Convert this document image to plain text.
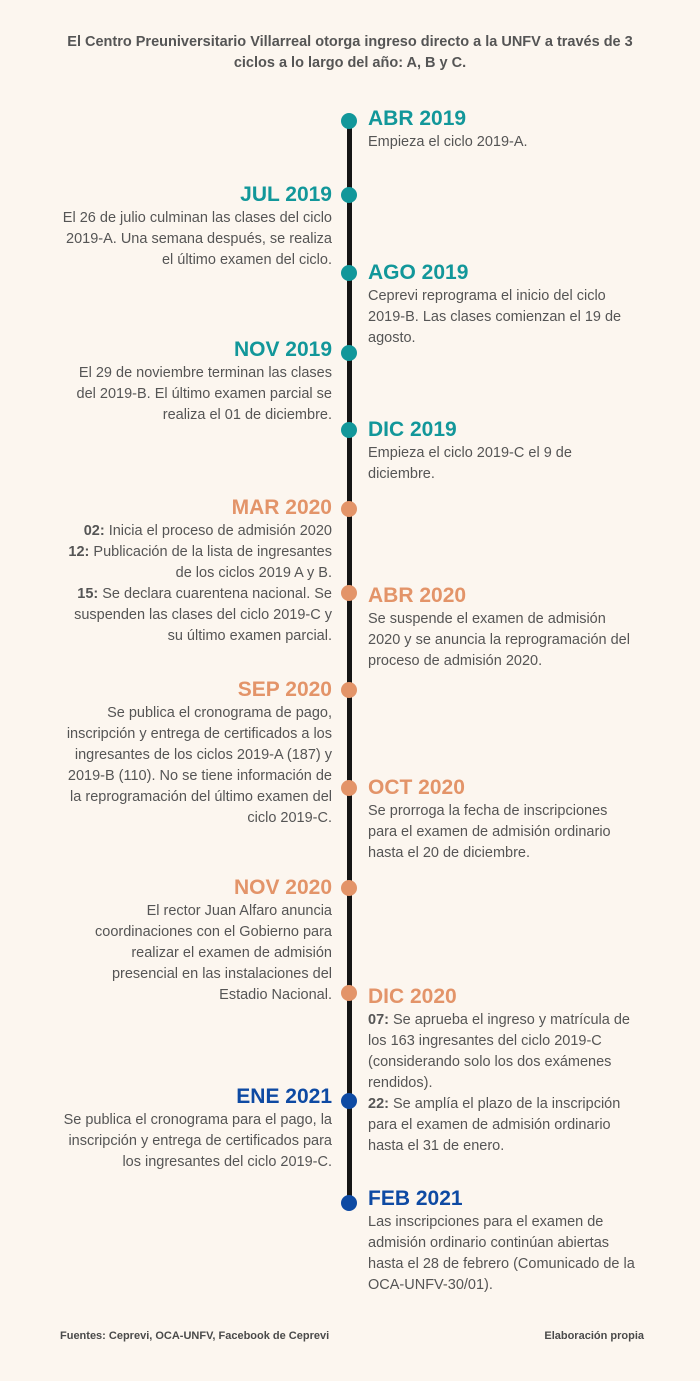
El Centro Preuniversitario Villarreal otorga ingreso directo a la UNFV a través de 3 ciclos a lo largo del año: A, B y C.

ABR 2019

Empieza el ciclo 2019-A.

JUL 2019

El 26 de julio culminan las clases del ciclo 2019-A. Una semana después, se realiza el último examen del ciclo.

AGO 2019

Ceprevi reprograma el inicio del ciclo 2019-B. Las clases comienzan el 19 de agosto.

NOV 2019

El 29 de noviembre terminan las clases del 2019-B. El último examen parcial se realiza el 01 de diciembre.

DIC 2019

Empieza el ciclo 2019-C el 9 de diciembre.

MAR 2020

02: Inicia el proceso de admisión 2020

12: Publicación de la lista de ingresantes de los ciclos 2019 A y B.

15: Se declara cuarentena nacional. Se suspenden las clases del ciclo 2019-C y su último examen parcial.

ABR 2020

Se suspende el examen de admisión 2020 y se anuncia la reprogramación del proceso de admisión 2020.

SEP 2020

Se publica el cronograma de pago, inscripción y entrega de certificados a los ingresantes de los ciclos 2019-A (187) y 2019-B (110). No se tiene información de la reprogramación del último examen del ciclo 2019-C.

OCT 2020

Se prorroga la fecha de inscripciones para el examen de admisión ordinario hasta el 20 de diciembre.

NOV 2020

El rector Juan Alfaro anuncia coordinaciones con el Gobierno para realizar el examen de admisión presencial en las instalaciones del Estadio Nacional. DIC 2020

07: Se aprueba el ingreso y matrícula de los 163 ingresantes del ciclo 2019-C (considerando solo los dos exámenes rendidos).

22: Se amplía el plazo de la inscripción para el examen de admisión ordinario hasta el 31 de enero.

ENE 2021

Se publica el cronograma para el pago, la inscripción y entrega de certificados para los ingresantes del ciclo 2019-C.

FEB 2021

Las inscripciones para el examen de admisión ordinario continúan abiertas hasta el 28 de febrero (Comunicado de la OCA-UNFV-30/01).

Fuentes: Ceprevi, OCA-UNFV, Facebook de Ceprevi	Elaboración propia
